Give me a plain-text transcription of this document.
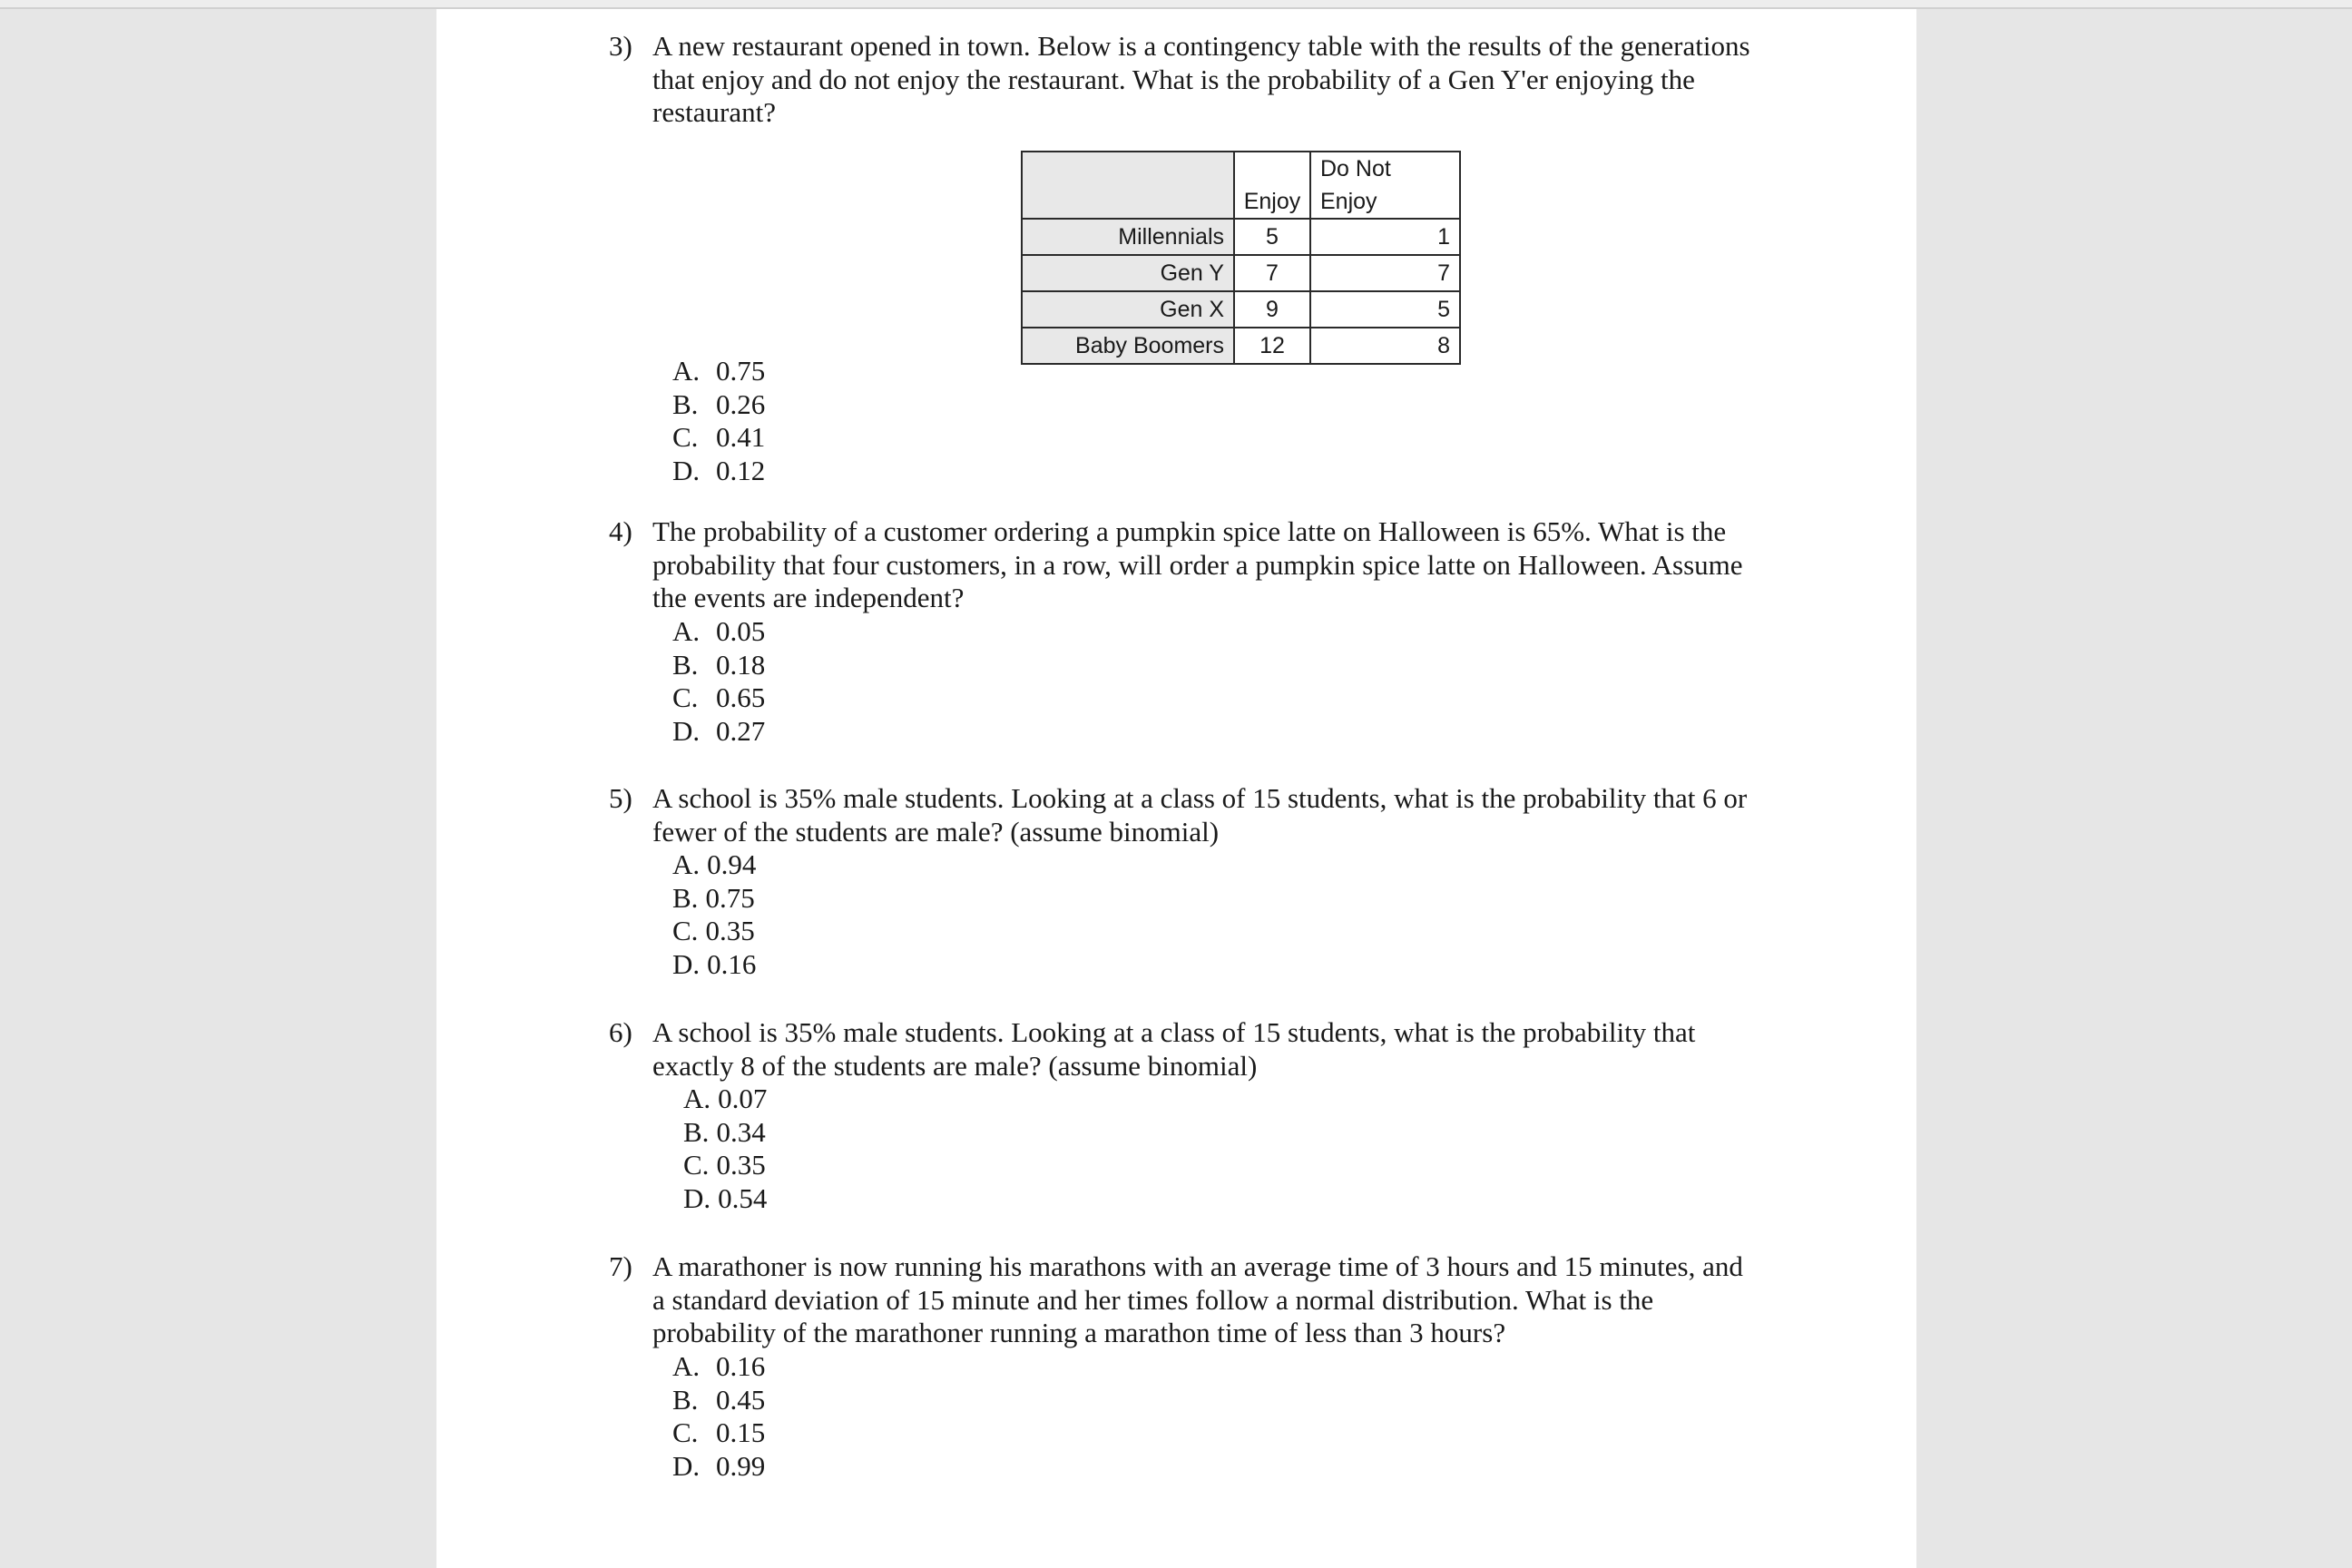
3) A new restaurant opened in town. Below is a contingency table with the results of the generations that enjoy and do not enjoy the restaurant. What is the probability of a Gen Y'er enjoying the restaurant?
	Enjoy	Do Not
Enjoy

Millennials	5	1
Gen Y	7	7
Gen X	9	5
Baby Boomers	12	8
A. 0.75
B. 0.26
C. 0.41
D. 0.12
4) The probability of a customer ordering a pumpkin spice latte on Halloween is 65%. What is the probability that four customers, in a row, will order a pumpkin spice latte on Halloween. Assume the events are independent?
A. 0.05
B. 0.18
C. 0.65
D. 0.27
5) A school is 35% male students. Looking at a class of 15 students, what is the probability that 6 or fewer of the students are male? (assume binomial)
A. 0.94
B. 0.75
C. 0.35
D. 0.16
6) A school is 35% male students. Looking at a class of 15 students, what is the probability that exactly 8 of the students are male? (assume binomial)
A. 0.07
B. 0.34
C. 0.35
D. 0.54
7) A marathoner is now running his marathons with an average time of 3 hours and 15 minutes, and a standard deviation of 15 minute and her times follow a normal distribution. What is the probability of the marathoner running a marathon time of less than 3 hours?
A. 0.16
B. 0.45
C. 0.15
D. 0.99
